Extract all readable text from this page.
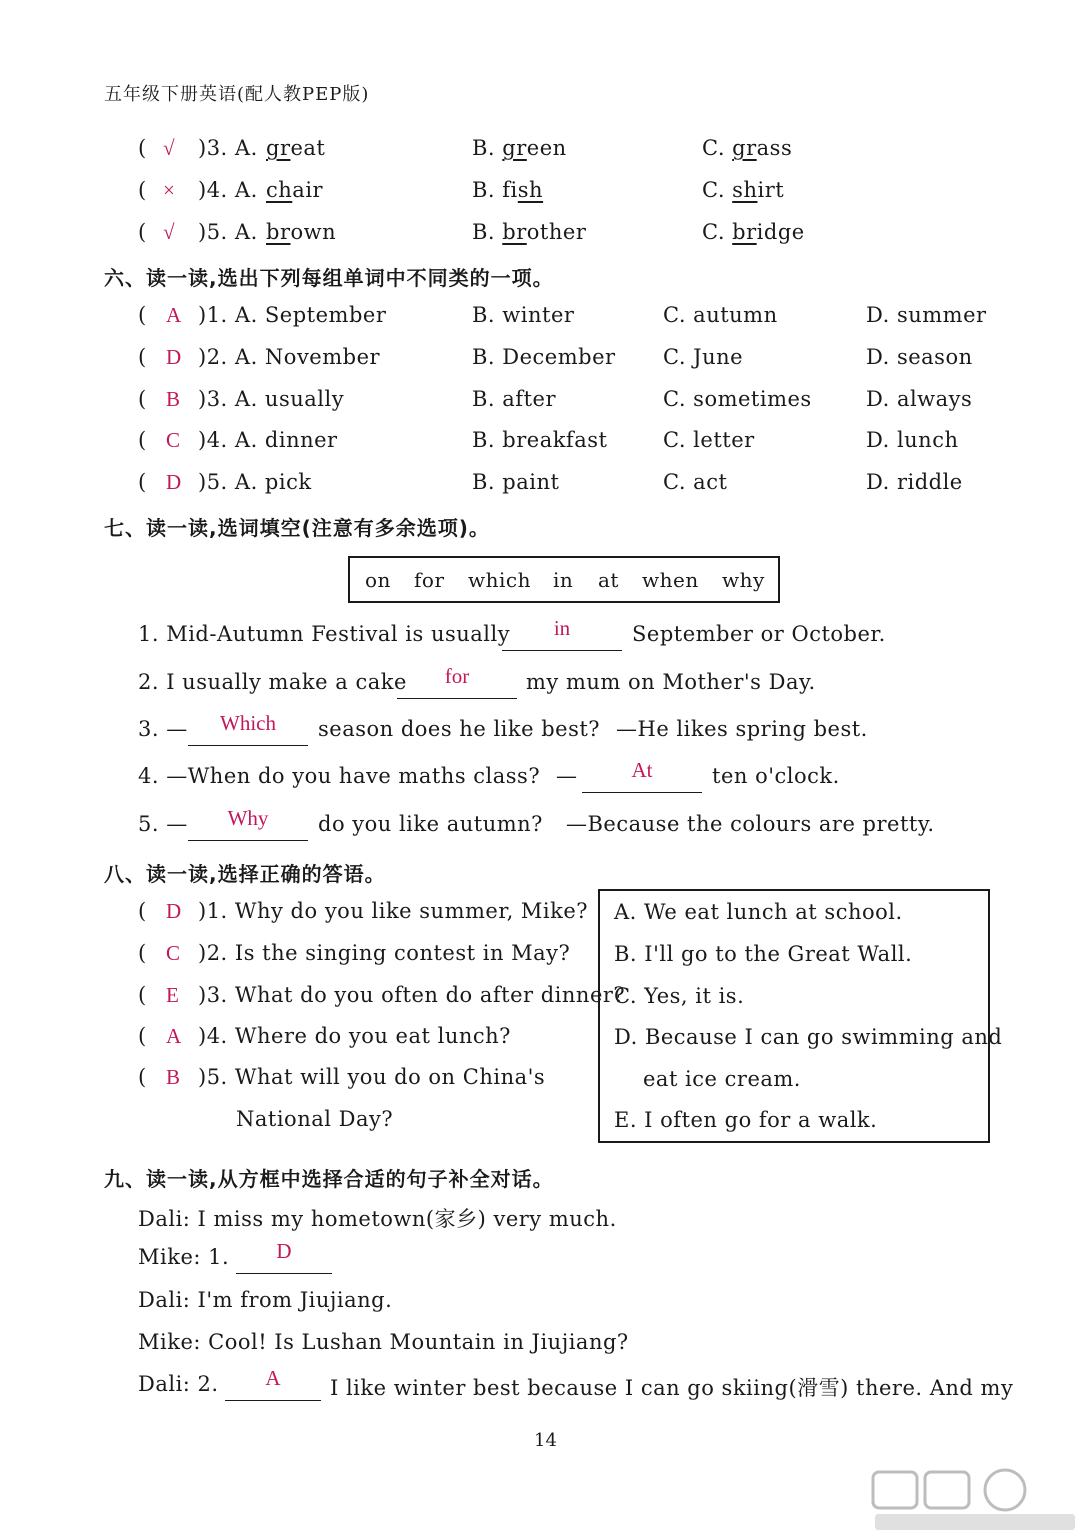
五年级下册英语(配人教PEP版)
( √ )3. A. great	B. green	C. grass
( × )4. A. chair	B. fish	C. shirt
( √ )5. A. brown	B. brother	C. bridge
六、读一读,选出下列每组单词中不同类的一项。
( A )1. A. September	B. winter	C. autumn	D. summer
( D )2. A. November	B. December C. June	D. season
( B )3. A. usually	B. after	C. sometimes	D. always
( C )4. A. dinner	B. breakfast	C. letter	D. lunch
( D )5. A. pick	B. paint	C. act	D. riddle
七、读一读,选词填空(注意有多余选项)。
on for which in at when why
1. Mid-Autumn Festival is usually	in	September or October.
2. I usually make a cake	for	my mum on Mother's Day.
3. —	Which	season does he like best? —He likes spring best.
4. —When do you have maths class? —	At	ten o'clock.
5. —	Why	do you like autumn? —Because the colours are pretty.
八、读一读,选择正确的答语。
( D )1. Why do you like summer, Mike?
( C )2. Is the singing contest in May?
( E )3. What do you often do after dinner?
( A )4. Where do you eat lunch?
( B )5. What will you do on China's
National Day?
A. We eat lunch at school.
B. I'll go to the Great Wall.
C. Yes, it is.
D. Because I can go swimming and
eat ice cream.
E. I often go for a walk.
九、读一读,从方框中选择合适的句子补全对话。
Dali: I miss my hometown(家乡) very much.
Mike: 1.	D
Dali: I'm from Jiujiang.
Mike: Cool! Is Lushan Mountain in Jiujiang?
Dali: 2.	A	I like winter best because I can go skiing(滑雪) there. And my
14
